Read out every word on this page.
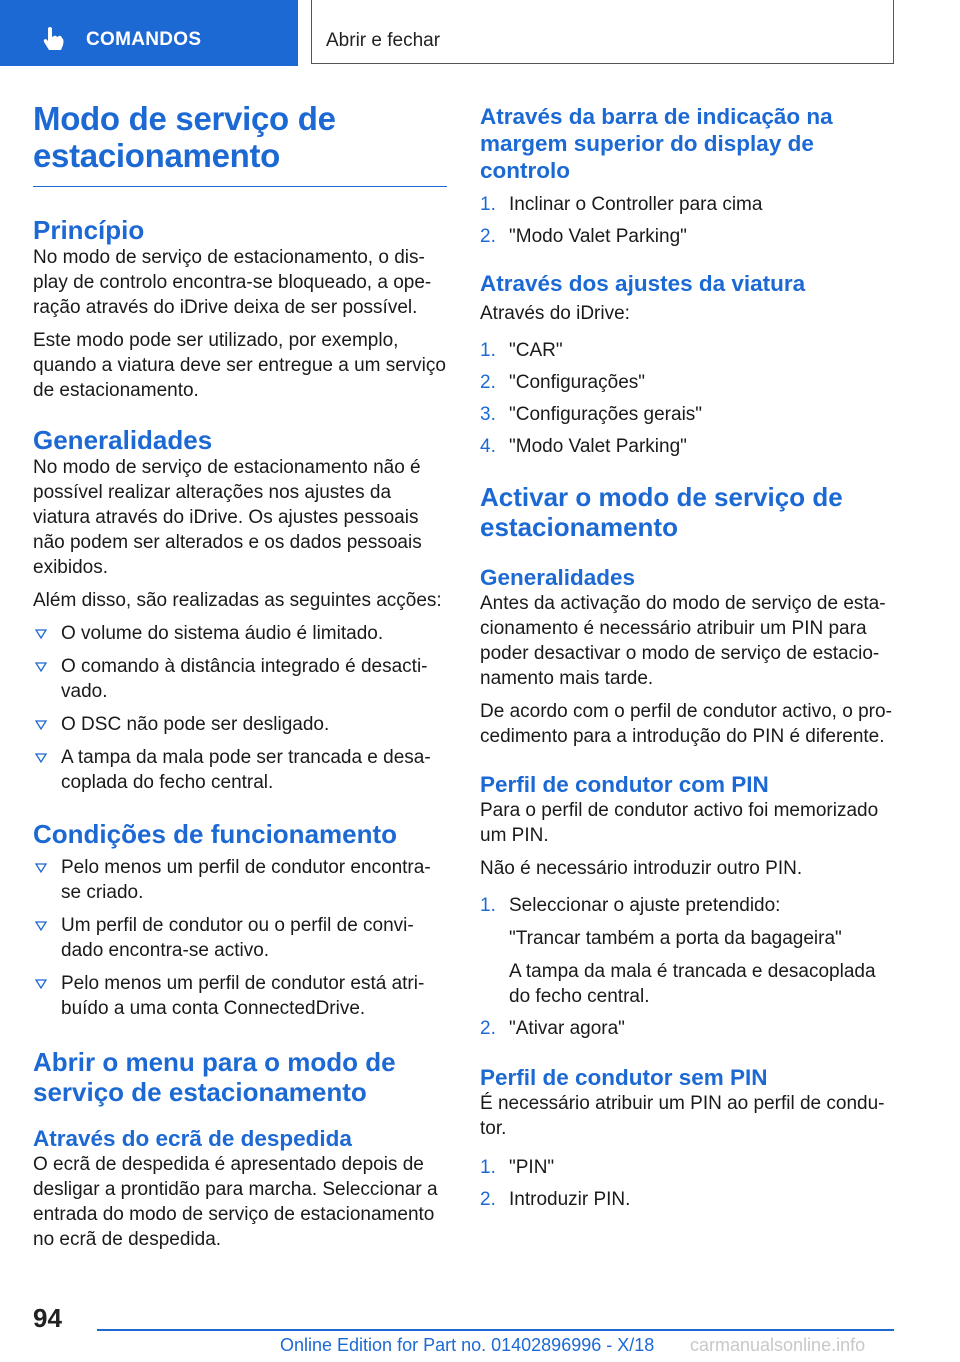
COMANDOS	Abrir e fechar
Modo de serviço de estacionamento
Princípio

No modo de serviço de estacionamento, o display de controlo encontra-se bloqueado, a operação através do iDrive deixa de ser possível.

Este modo pode ser utilizado, por exemplo, quando a viatura deve ser entregue a um serviço de estacionamento.

Generalidades

No modo de serviço de estacionamento não é possível realizar alterações nos ajustes da viatura através do iDrive. Os ajustes pessoais não podem ser alterados e os dados pessoais exibidos.

Além disso, são realizadas as seguintes acções:

O volume do sistema áudio é limitado.
O comando à distância integrado é desactivado.
O DSC não pode ser desligado.
A tampa da mala pode ser trancada e desacoplada do fecho central.
Condições de funcionamento
Pelo menos um perfil de condutor encontra-se criado.
Um perfil de condutor ou o perfil de convidado encontra-se activo.
Pelo menos um perfil de condutor está atribuído a uma conta ConnectedDrive.
Abrir o menu para o modo de serviço de estacionamento
Através do ecrã de despedida

O ecrã de despedida é apresentado depois de desligar a prontidão para marcha. Seleccionar a entrada do modo de serviço de estacionamento no ecrã de despedida.

Através da barra de indicação na margem superior do display de controlo
1. Inclinar o Controller para cima
2. "Modo Valet Parking"
Através dos ajustes da viatura

Através do iDrive:

1. "CAR"
2. "Configurações"
3. "Configurações gerais"
4. "Modo Valet Parking"
Activar o modo de serviço de estacionamento
Generalidades

Antes da activação do modo de serviço de estacionamento é necessário atribuir um PIN para poder desactivar o modo de serviço de estacionamento mais tarde.

De acordo com o perfil de condutor activo, o procedimento para a introdução do PIN é diferente.

Perfil de condutor com PIN

Para o perfil de condutor activo foi memorizado um PIN.

Não é necessário introduzir outro PIN.

1. Seleccionar o ajuste pretendido:
"Trancar também a porta da bagageira"
A tampa da mala é trancada e desacoplada do fecho central.
2. "Ativar agora"
Perfil de condutor sem PIN

É necessário atribuir um PIN ao perfil de condutor.

1. "PIN"
2. Introduzir PIN.
94
Online Edition for Part no. 01402896996 - X/18 carmanualsonline.info
